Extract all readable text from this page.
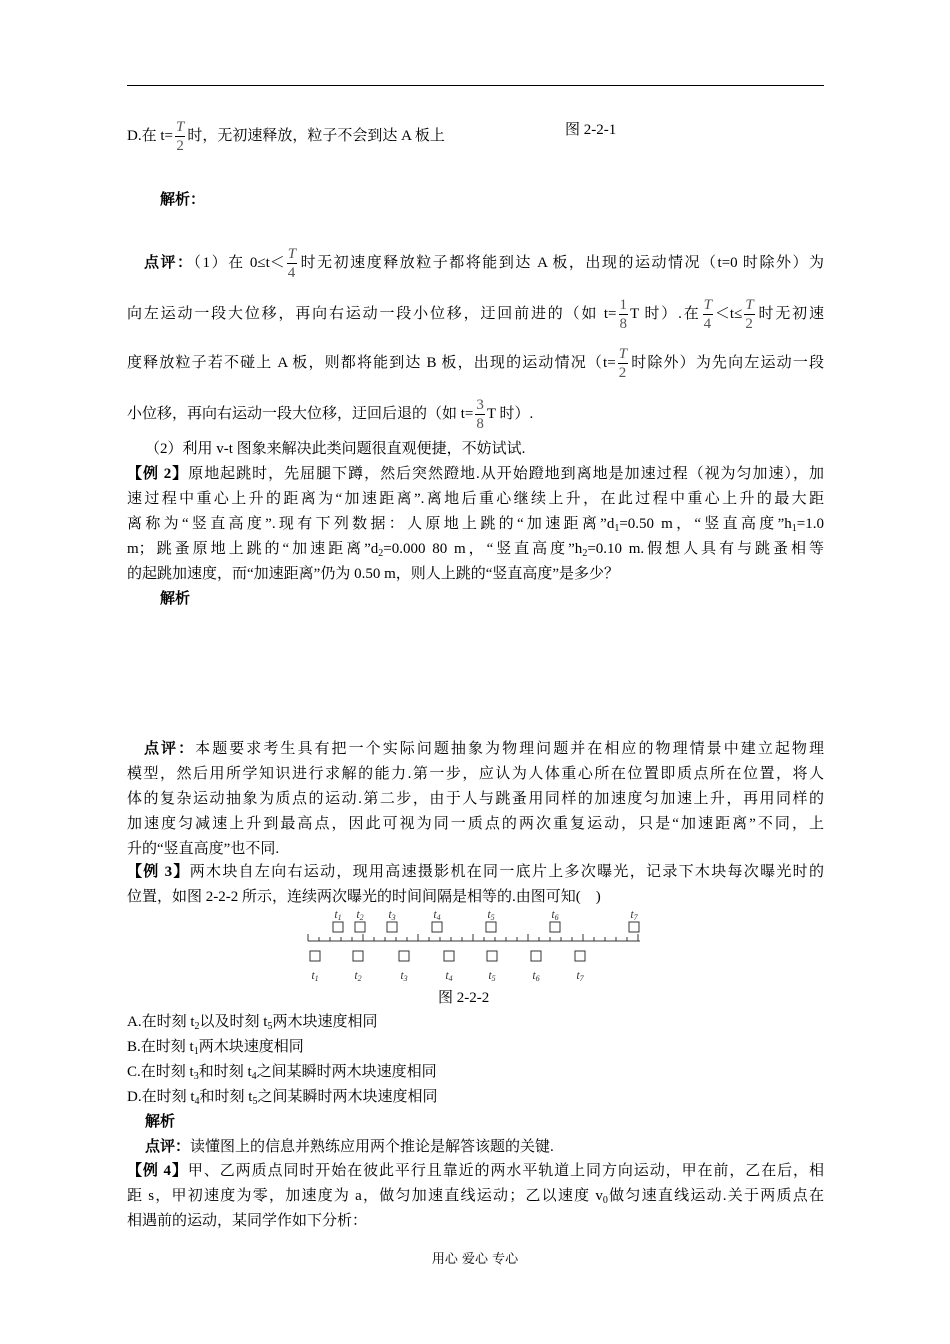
D.在 $t= \frac{T}{2}$ 时，无初速释放，粒子不会到达 A 板上	图 2-2-1
解析：
点评：（1）在 $0\le t< \frac{T}{4}$ 时无初速度释放粒子都将能到达 A 板，出现的运动情况（t=0 时除外）为
向左运动一段大位移，再向右运动一段小位移，迂回前进的（如 $t= \frac{1}{8}$ T 时）.在 $\frac{T}{4} <t\le \frac{T}{2}$ 时无初速
度释放粒子若不碰上 A 板，则都将能到达 B 板，出现的运动情况（$t= \frac{T}{2}$ 时除外）为先向左运动一段
小位移，再向右运动一段大位移，迂回后退的（如 $t= \frac{3}{8}$ T 时）.
（2）利用 v-t 图象来解决此类问题很直观便捷，不妨试试.
【例 2】原地起跳时，先屈腿下蹲，然后突然蹬地.从开始蹬地到离地是加速过程（视为匀加速），加
速过程中重心上升的距离为“加速距离”.离地后重心继续上升，在此过程中重心上升的最大距
离称为“竖直高度”.现有下列数据：人原地上跳的“加速距离$”d_1=0.50$ m，“竖直高度$”h_1=1.0$
m；跳蚤原地上跳的“加速距离$”d_2=0.000$ 80 m，“竖直高度$”h_2=0.10$ m.假想人具有与跳蚤相等
的起跳加速度，而“加速距离”仍为 0.50 m，则人上跳的“竖直高度”是多少？
解析
点评：本题要求考生具有把一个实际问题抽象为物理问题并在相应的物理情景中建立起物理
模型，然后用所学知识进行求解的能力.第一步，应认为人体重心所在位置即质点所在位置，将人
体的复杂运动抽象为质点的运动.第二步，由于人与跳蚤用同样的加速度匀加速上升，再用同样的
加速度匀减速上升到最高点，因此可视为同一质点的两次重复运动，只是“加速距离”不同，上
升的“竖直高度”也不同.
【例 3】两木块自左向右运动，现用高速摄影机在同一底片上多次曝光，记录下木块每次曝光时的
位置，如图 2-2-2 所示，连续两次曝光的时间间隔是相等的.由图可知(　)
t1 t2 t3	t4	t5	t6	t7
t1	t2	t3	t4	t5	t6	t7
图 2-2-2
A.在时刻 $t_2$以及时刻 $t_5$两木块速度相同
B.在时刻 $t_1$两木块速度相同
C.在时刻 $t_3$和时刻 $t_4$之间某瞬时两木块速度相同
D.在时刻 $t_4$和时刻 $t_5$之间某瞬时两木块速度相同
解析
点评：读懂图上的信息并熟练应用两个推论是解答该题的关键.
【例 4】甲、乙两质点同时开始在彼此平行且靠近的两水平轨道上同方向运动，甲在前，乙在后，相
距 s，甲初速度为零，加速度为 a，做匀加速直线运动；乙以速度 $v_0$做匀速直线运动.关于两质点在
相遇前的运动，某同学作如下分析：
用心 爱心 专心
